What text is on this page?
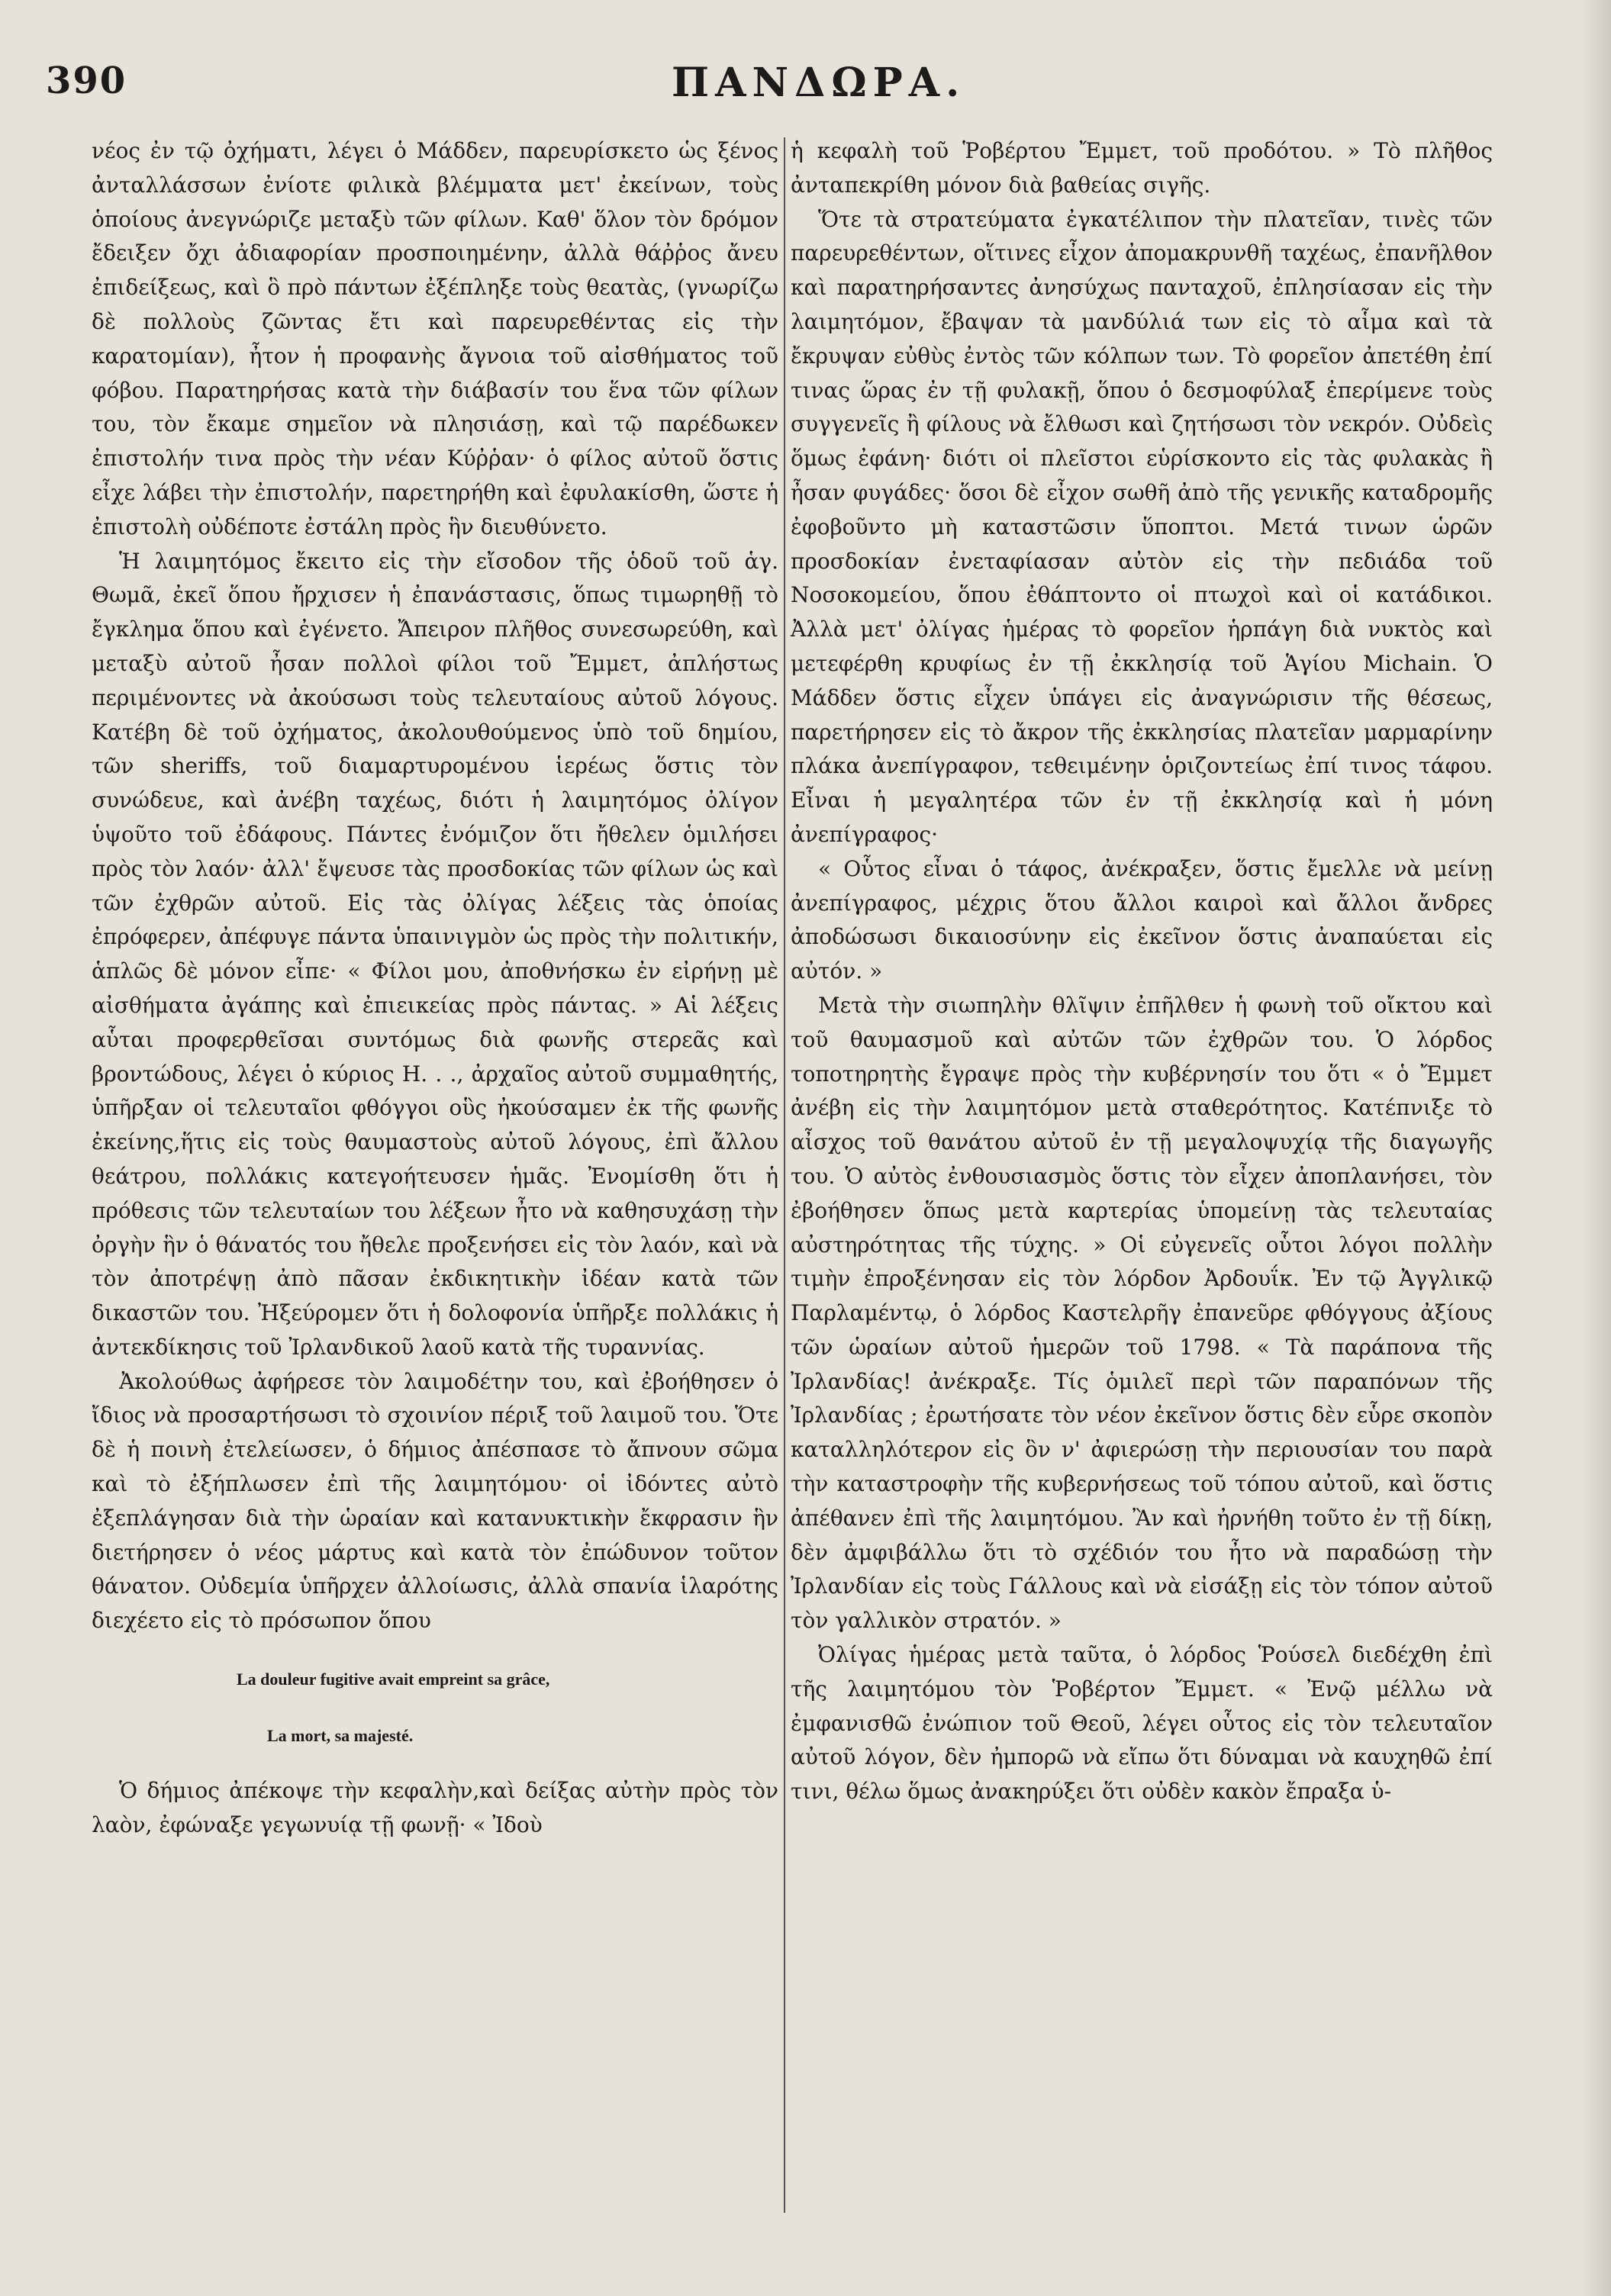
390	ΠΑΝΔΩΡΑ.

νέος ἐν τῷ ὀχήματι, λέγει ὁ Μάδδεν, παρευρίσκετο ὡς ξένος ἀνταλλάσσων ἐνίοτε φιλικὰ βλέμματα μετ' ἐκείνων, τοὺς ὁποίους ἀνεγνώριζε μεταξὺ τῶν φίλων. Καθ' ὅλον τὸν δρόμον ἔδειξεν ὄχι ἀδιαφορίαν προσποιημένην, ἀλλὰ θάῤῥος ἄνευ ἐπιδείξεως, καὶ ὃ πρὸ πάντων ἐξέπληξε τοὺς θεατὰς, (γνωρίζω δὲ πολλοὺς ζῶντας ἔτι καὶ παρευρεθέντας εἰς τὴν καρατομίαν), ἦτον ἡ προφανὴς ἄγνοια τοῦ αἰσθήματος τοῦ φόβου. Παρατηρήσας κατὰ τὴν διάβασίν του ἕνα τῶν φίλων του, τὸν ἔκαμε σημεῖον νὰ πλησιάσῃ, καὶ τῷ παρέδωκεν ἐπιστολήν τινα πρὸς τὴν νέαν Κύῤῥαν· ὁ φίλος αὐτοῦ ὅστις εἶχε λάβει τὴν ἐπιστολήν, παρετηρήθη καὶ ἐφυλακίσθη, ὥστε ἡ ἐπιστολὴ οὐδέποτε ἐστάλη πρὸς ἣν διευθύνετο.

Ἡ λαιμητόμος ἔκειτο εἰς τὴν εἴσοδον τῆς ὁδοῦ τοῦ ἁγ. Θωμᾶ, ἐκεῖ ὅπου ἤρχισεν ἡ ἐπανάστασις, ὅπως τιμωρηθῇ τὸ ἔγκλημα ὅπου καὶ ἐγένετο. Ἄπειρον πλῆθος συνεσωρεύθη, καὶ μεταξὺ αὐτοῦ ἦσαν πολλοὶ φίλοι τοῦ Ἔμμετ, ἀπλήστως περιμένοντες νὰ ἀκούσωσι τοὺς τελευταίους αὐτοῦ λόγους. Κατέβη δὲ τοῦ ὀχήματος, ἀκολουθούμενος ὑπὸ τοῦ δημίου, τῶν sheriffs, τοῦ διαμαρτυρομένου ἱερέως ὅστις τὸν συνώδευε, καὶ ἀνέβη ταχέως, διότι ἡ λαιμητόμος ὀλίγον ὑψοῦτο τοῦ ἐδάφους. Πάντες ἐνόμιζον ὅτι ἤθελεν ὁμιλήσει πρὸς τὸν λαόν· ἀλλ' ἔψευσε τὰς προσδοκίας τῶν φίλων ὡς καὶ τῶν ἐχθρῶν αὐτοῦ. Εἰς τὰς ὀλίγας λέξεις τὰς ὁποίας ἐπρόφερεν, ἀπέφυγε πάντα ὑπαινιγμὸν ὡς πρὸς τὴν πολιτικήν, ἁπλῶς δὲ μόνον εἶπε· « Φίλοι μου, ἀποθνήσκω ἐν εἰρήνῃ μὲ αἰσθήματα ἀγάπης καὶ ἐπιεικείας πρὸς πάντας. » Αἱ λέξεις αὗται προφερθεῖσαι συντόμως διὰ φωνῆς στερεᾶς καὶ βροντώδους, λέγει ὁ κύριος Η. . ., ἀρχαῖος αὐτοῦ συμμαθητής, ὑπῆρξαν οἱ τελευταῖοι φθόγγοι οὓς ἠκούσαμεν ἐκ τῆς φωνῆς ἐκείνης,ἥτις εἰς τοὺς θαυμαστοὺς αὐτοῦ λόγους, ἐπὶ ἄλλου θεάτρου, πολλάκις κατεγοήτευσεν ἡμᾶς. Ἐνομίσθη ὅτι ἡ πρόθεσις τῶν τελευταίων του λέξεων ἦτο νὰ καθησυχάσῃ τὴν ὀργὴν ἣν ὁ θάνατός του ἤθελε προξενήσει εἰς τὸν λαόν, καὶ νὰ τὸν ἀποτρέψῃ ἀπὸ πᾶσαν ἐκδικητικὴν ἰδέαν κατὰ τῶν δικαστῶν του. Ἠξεύρομεν ὅτι ἡ δολοφονία ὑπῆρξε πολλάκις ἡ ἀντεκδίκησις τοῦ Ἰρλανδικοῦ λαοῦ κατὰ τῆς τυραννίας.

Ἀκολούθως ἀφήρεσε τὸν λαιμοδέτην του, καὶ ἐβοήθησεν ὁ ἴδιος νὰ προσαρτήσωσι τὸ σχοινίον πέριξ τοῦ λαιμοῦ του. Ὅτε δὲ ἡ ποινὴ ἐτελείωσεν, ὁ δήμιος ἀπέσπασε τὸ ἄπνουν σῶμα καὶ τὸ ἐξήπλωσεν ἐπὶ τῆς λαιμητόμου· οἱ ἰδόντες αὐτὸ ἐξεπλάγησαν διὰ τὴν ὡραίαν καὶ κατανυκτικὴν ἔκφρασιν ἣν διετήρησεν ὁ νέος μάρτυς καὶ κατὰ τὸν ἐπώδυνον τοῦτον θάνατον. Οὐδεμία ὑπῆρχεν ἀλλοίωσις, ἀλλὰ σπανία ἱλαρότης διεχέετο εἰς τὸ πρόσωπον ὅπου

La douleur fugitive avait empreint sa grâce,
La mort, sa majesté.

Ὁ δήμιος ἀπέκοψε τὴν κεφαλὴν,καὶ δείξας αὐτὴν πρὸς τὸν λαὸν, ἐφώναξε γεγωνυίᾳ τῇ φωνῇ· « Ἰδοὺ

ἡ κεφαλὴ τοῦ Ῥοβέρτου Ἔμμετ, τοῦ προδότου. » Τὸ πλῆθος ἀνταπεκρίθη μόνον διὰ βαθείας σιγῆς.

Ὅτε τὰ στρατεύματα ἐγκατέλιπον τὴν πλατεῖαν, τινὲς τῶν παρευρεθέντων, οἵτινες εἶχον ἀπομακρυνθῆ ταχέως, ἐπανῆλθον καὶ παρατηρήσαντες ἀνησύχως πανταχοῦ, ἐπλησίασαν εἰς τὴν λαιμητόμον, ἔβαψαν τὰ μανδύλιά των εἰς τὸ αἷμα καὶ τὰ ἔκρυψαν εὐθὺς ἐντὸς τῶν κόλπων των. Τὸ φορεῖον ἀπετέθη ἐπί τινας ὥρας ἐν τῇ φυλακῇ, ὅπου ὁ δεσμοφύλαξ ἐπερίμενε τοὺς συγγενεῖς ἢ φίλους νὰ ἔλθωσι καὶ ζητήσωσι τὸν νεκρόν. Οὐδεὶς ὅμως ἐφάνη· διότι οἱ πλεῖστοι εὑρίσκοντο εἰς τὰς φυλακὰς ἢ ἦσαν φυγάδες· ὅσοι δὲ εἶχον σωθῆ ἀπὸ τῆς γενικῆς καταδρομῆς ἐφοβοῦντο μὴ καταστῶσιν ὕποπτοι. Μετά τινων ὡρῶν προσδοκίαν ἐνεταφίασαν αὐτὸν εἰς τὴν πεδιάδα τοῦ Νοσοκομείου, ὅπου ἐθάπτοντο οἱ πτωχοὶ καὶ οἱ κατάδικοι. Ἀλλὰ μετ' ὀλίγας ἡμέρας τὸ φορεῖον ἡρπάγη διὰ νυκτὸς καὶ μετεφέρθη κρυφίως ἐν τῇ ἐκκλησίᾳ τοῦ Ἁγίου Michain. Ὁ Μάδδεν ὅστις εἶχεν ὑπάγει εἰς ἀναγνώρισιν τῆς θέσεως, παρετήρησεν εἰς τὸ ἄκρον τῆς ἐκκλησίας πλατεῖαν μαρμαρίνην πλάκα ἀνεπίγραφον, τεθειμένην ὁριζοντείως ἐπί τινος τάφου. Εἶναι ἡ μεγαλητέρα τῶν ἐν τῇ ἐκκλησίᾳ καὶ ἡ μόνη ἀνεπίγραφος·

« Οὗτος εἶναι ὁ τάφος, ἀνέκραξεν, ὅστις ἔμελλε νὰ μείνῃ ἀνεπίγραφος, μέχρις ὅτου ἄλλοι καιροὶ καὶ ἄλλοι ἄνδρες ἀποδώσωσι δικαιοσύνην εἰς ἐκεῖνον ὅστις ἀναπαύεται εἰς αὐτόν. »

Μετὰ τὴν σιωπηλὴν θλῖψιν ἐπῆλθεν ἡ φωνὴ τοῦ οἴκτου καὶ τοῦ θαυμασμοῦ καὶ αὐτῶν τῶν ἐχθρῶν του. Ὁ λόρδος τοποτηρητὴς ἔγραψε πρὸς τὴν κυβέρνησίν του ὅτι « ὁ Ἔμμετ ἀνέβη εἰς τὴν λαιμητόμον μετὰ σταθερότητος. Κατέπνιξε τὸ αἶσχος τοῦ θανάτου αὐτοῦ ἐν τῇ μεγαλοψυχίᾳ τῆς διαγωγῆς του. Ὁ αὐτὸς ἐνθουσιασμὸς ὅστις τὸν εἶχεν ἀποπλανήσει, τὸν ἐβοήθησεν ὅπως μετὰ καρτερίας ὑπομείνῃ τὰς τελευταίας αὐστηρότητας τῆς τύχης. » Οἱ εὐγενεῖς οὗτοι λόγοι πολλὴν τιμὴν ἐπροξένησαν εἰς τὸν λόρδον Ἀρδουΐκ. Ἐν τῷ Ἀγγλικῷ Παρλαμέντῳ, ὁ λόρδος Καστελρῆγ ἐπανεῦρε φθόγγους ἀξίους τῶν ὡραίων αὐτοῦ ἡμερῶν τοῦ 1798. « Τὰ παράπονα τῆς Ἰρλανδίας! ἀνέκραξε. Τίς ὁμιλεῖ περὶ τῶν παραπόνων τῆς Ἰρλανδίας ; ἐρωτήσατε τὸν νέον ἐκεῖνον ὅστις δὲν εὗρε σκοπὸν καταλληλότερον εἰς ὃν ν' ἀφιερώσῃ τὴν περιουσίαν του παρὰ τὴν καταστροφὴν τῆς κυβερνήσεως τοῦ τόπου αὐτοῦ, καὶ ὅστις ἀπέθανεν ἐπὶ τῆς λαιμητόμου. Ἂν καὶ ἠρνήθη τοῦτο ἐν τῇ δίκῃ, δὲν ἀμφιβάλλω ὅτι τὸ σχέδιόν του ἦτο νὰ παραδώσῃ τὴν Ἰρλανδίαν εἰς τοὺς Γάλλους καὶ νὰ εἰσάξῃ εἰς τὸν τόπον αὐτοῦ τὸν γαλλικὸν στρατόν. »

Ὀλίγας ἡμέρας μετὰ ταῦτα, ὁ λόρδος Ῥούσελ διεδέχθη ἐπὶ τῆς λαιμητόμου τὸν Ῥοβέρτον Ἔμμετ. « Ἐνῷ μέλλω νὰ ἐμφανισθῶ ἐνώπιον τοῦ Θεοῦ, λέγει οὗτος εἰς τὸν τελευταῖον αὐτοῦ λόγον, δὲν ἠμπορῶ νὰ εἴπω ὅτι δύναμαι νὰ καυχηθῶ ἐπί τινι, θέλω ὅμως ἀνακηρύξει ὅτι οὐδὲν κακὸν ἔπραξα ὑ-
